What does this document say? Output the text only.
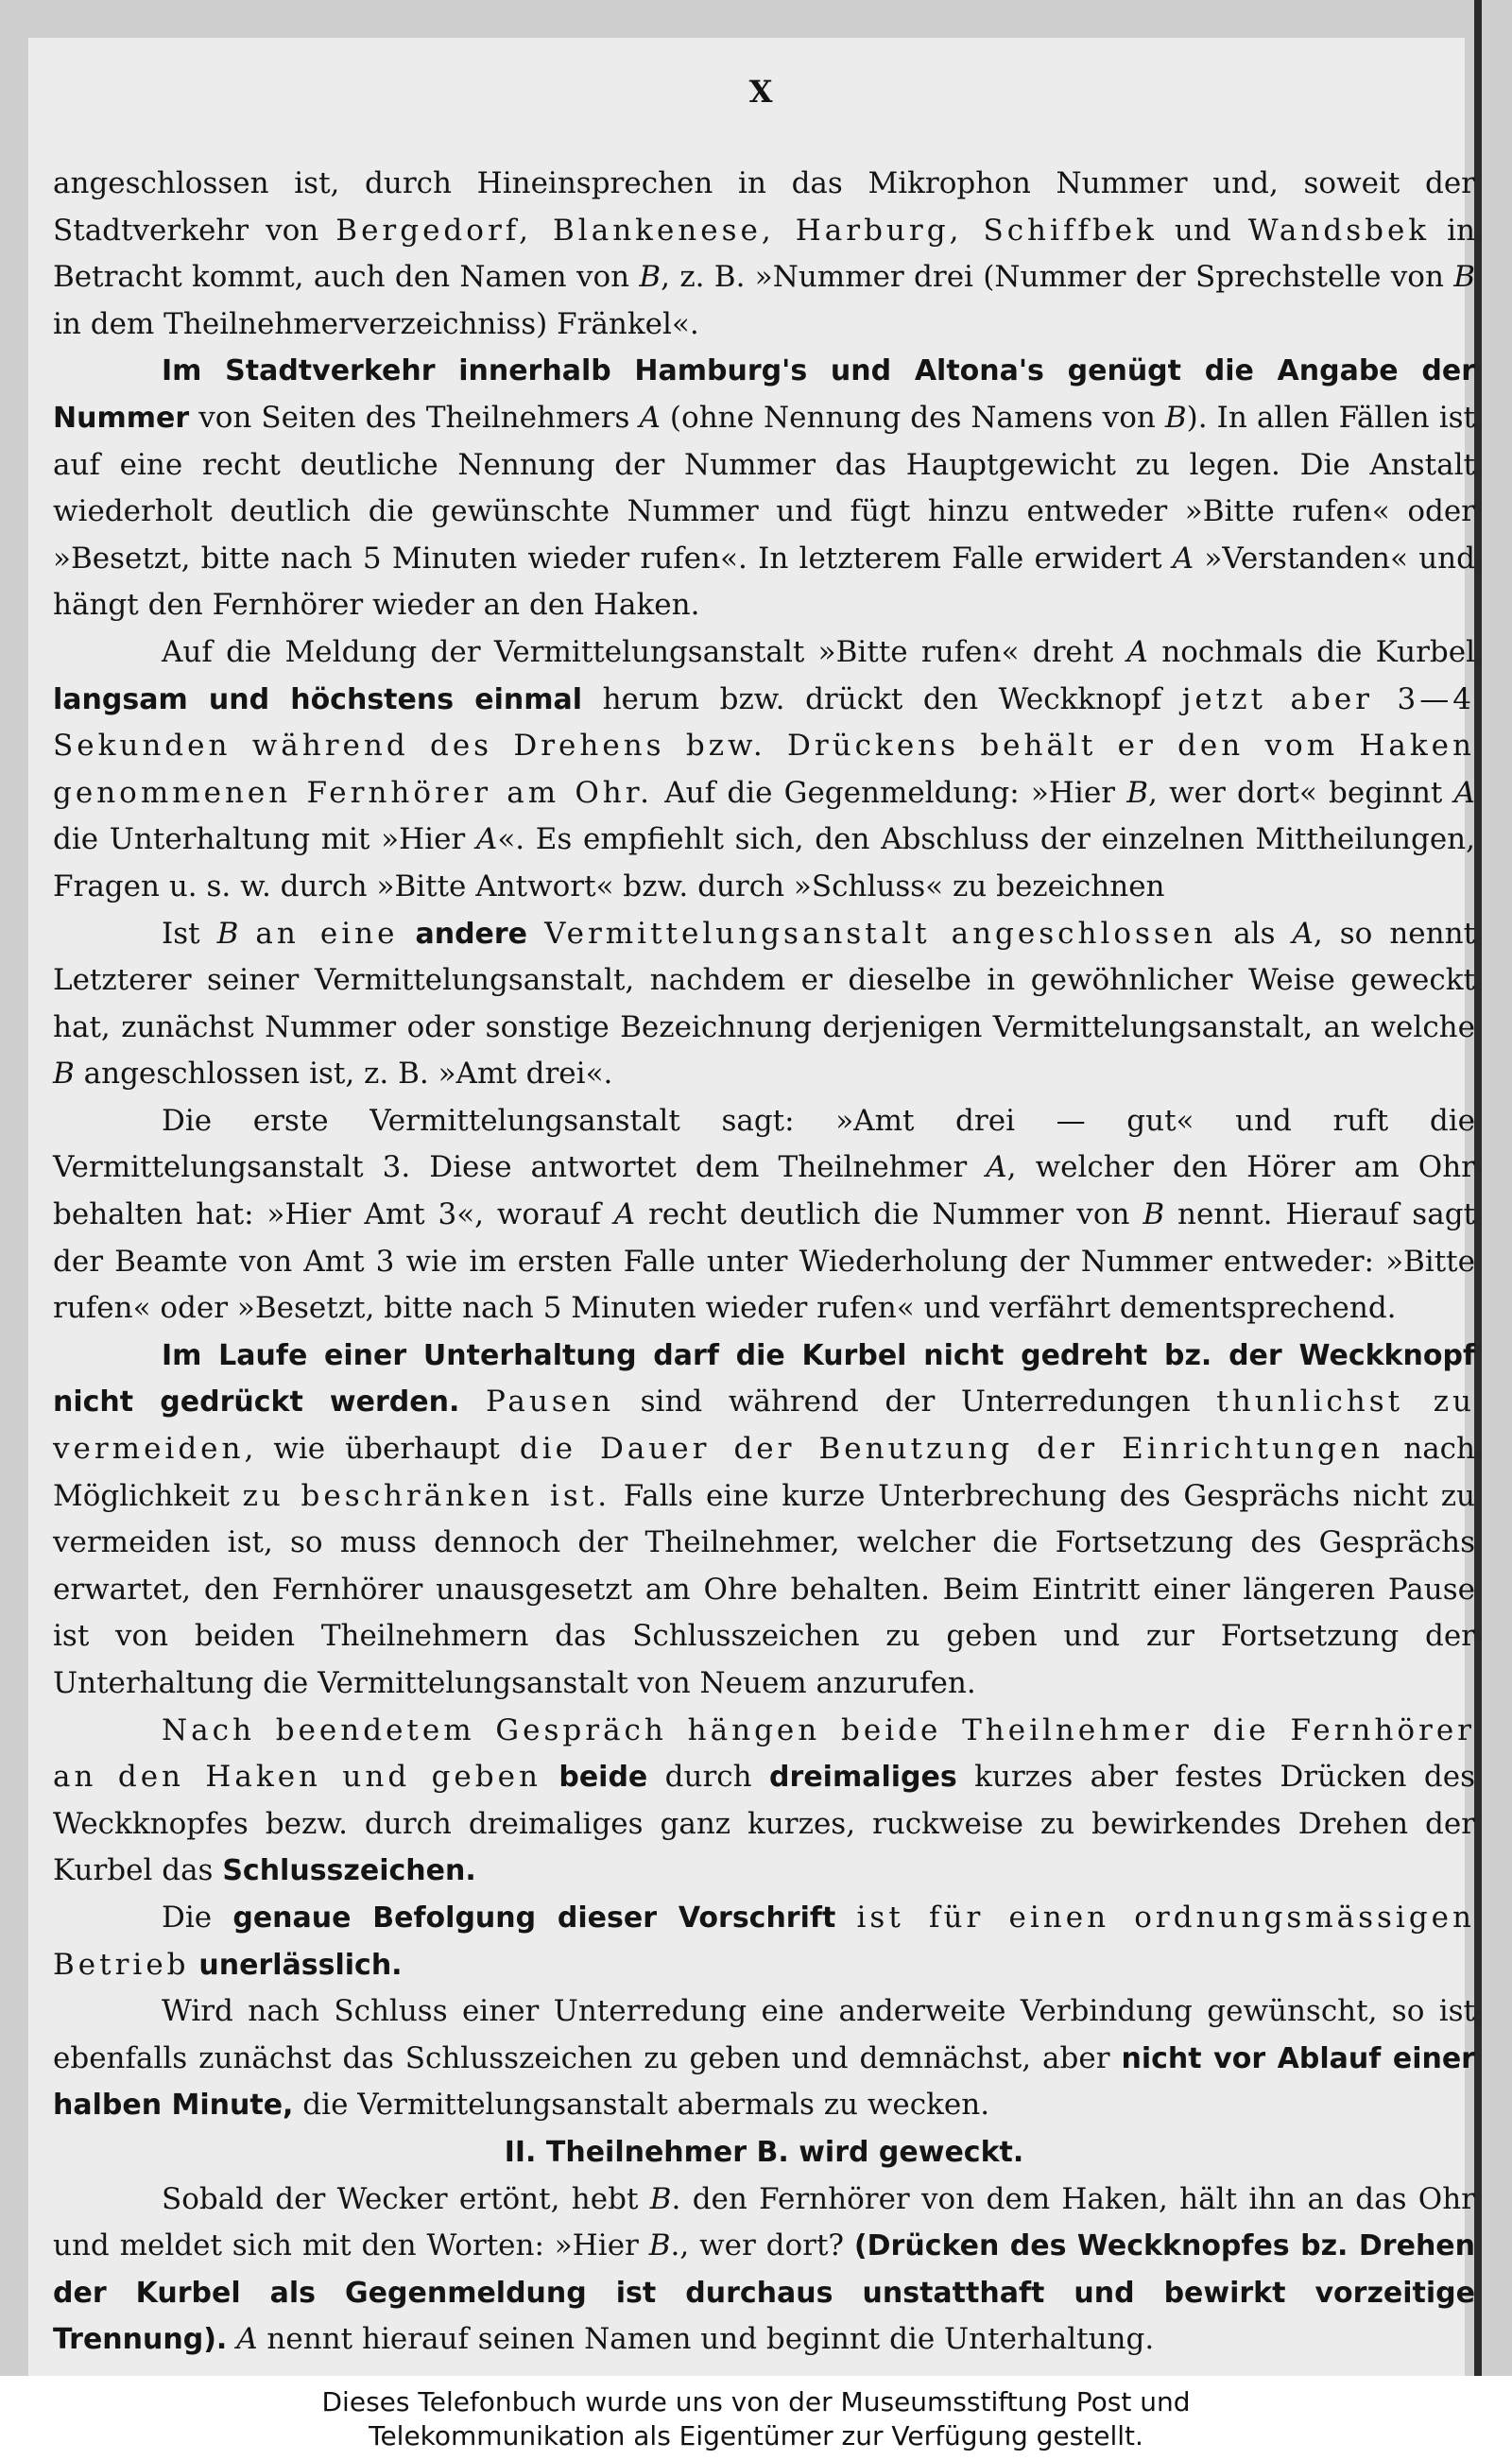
X

angeschlossen ist, durch Hineinsprechen in das Mikrophon Nummer und, soweit der Stadtverkehr von Bergedorf, Blankenese, Harburg, Schiffbek und Wandsbek in Betracht kommt, auch den Namen von B, z. B. »Nummer drei (Nummer der Sprechstelle von B in dem Theilnehmerverzeichniss) Fränkel«.

Im Stadtverkehr innerhalb Hamburg's und Altona's genügt die Angabe der Nummer von Seiten des Theilnehmers A (ohne Nennung des Namens von B). In allen Fällen ist auf eine recht deutliche Nennung der Nummer das Hauptgewicht zu legen. Die Anstalt wiederholt deutlich die gewünschte Nummer und fügt hinzu entweder »Bitte rufen« oder »Besetzt, bitte nach 5 Minuten wieder rufen«. In letzterem Falle erwidert A »Verstanden« und hängt den Fernhörer wieder an den Haken.

Auf die Meldung der Vermittelungsanstalt »Bitte rufen« dreht A nochmals die Kurbel langsam und höchstens einmal herum bzw. drückt den Weckknopf jetzt aber 3—4 Sekunden während des Drehens bzw. Drückens behält er den vom Haken genommenen Fernhörer am Ohr. Auf die Gegenmeldung: »Hier B, wer dort« beginnt A die Unterhaltung mit »Hier A«. Es empfiehlt sich, den Abschluss der einzelnen Mittheilungen, Fragen u. s. w. durch »Bitte Antwort« bzw. durch »Schluss« zu bezeichnen

Ist B an eine andere Vermittelungsanstalt angeschlossen als A, so nennt Letzterer seiner Vermittelungsanstalt, nachdem er dieselbe in gewöhnlicher Weise geweckt hat, zunächst Nummer oder sonstige Bezeichnung derjenigen Vermittelungsanstalt, an welche B angeschlossen ist, z. B. »Amt drei«.

Die erste Vermittelungsanstalt sagt: »Amt drei — gut« und ruft die Vermittelungsanstalt 3. Diese antwortet dem Theilnehmer A, welcher den Hörer am Ohr behalten hat: »Hier Amt 3«, worauf A recht deutlich die Nummer von B nennt. Hierauf sagt der Beamte von Amt 3 wie im ersten Falle unter Wiederholung der Nummer entweder: »Bitte rufen« oder »Besetzt, bitte nach 5 Minuten wieder rufen« und verfährt dementsprechend.

Im Laufe einer Unterhaltung darf die Kurbel nicht gedreht bz. der Weckknopf nicht gedrückt werden. Pausen sind während der Unterredungen thunlichst zu vermeiden, wie überhaupt die Dauer der Benutzung der Einrichtungen nach Möglichkeit zu beschränken ist. Falls eine kurze Unterbrechung des Gesprächs nicht zu vermeiden ist, so muss dennoch der Theilnehmer, welcher die Fortsetzung des Gesprächs erwartet, den Fernhörer unausgesetzt am Ohre behalten. Beim Eintritt einer längeren Pause ist von beiden Theilnehmern das Schlusszeichen zu geben und zur Fortsetzung der Unterhaltung die Vermittelungsanstalt von Neuem anzurufen.

Nach beendetem Gespräch hängen beide Theilnehmer die Fernhörer an den Haken und geben beide durch dreimaliges kurzes aber festes Drücken des Weckknopfes bezw. durch dreimaliges ganz kurzes, ruckweise zu bewirkendes Drehen der Kurbel das Schlusszeichen.

Die genaue Befolgung dieser Vorschrift ist für einen ordnungsmässigen Betrieb unerlässlich.

Wird nach Schluss einer Unterredung eine anderweite Verbindung gewünscht, so ist ebenfalls zunächst das Schlusszeichen zu geben und demnächst, aber nicht vor Ablauf einer halben Minute, die Vermittelungsanstalt abermals zu wecken.

II. Theilnehmer B. wird geweckt.

Sobald der Wecker ertönt, hebt B. den Fernhörer von dem Haken, hält ihn an das Ohr und meldet sich mit den Worten: »Hier B., wer dort? (Drücken des Weckknopfes bz. Drehen der Kurbel als Gegenmeldung ist durchaus unstatthaft und bewirkt vorzeitige Trennung). A nennt hierauf seinen Namen und beginnt die Unterhaltung.

Dieses Telefonbuch wurde uns von der Museumsstiftung Post und
Telekommunikation als Eigentümer zur Verfügung gestellt.
